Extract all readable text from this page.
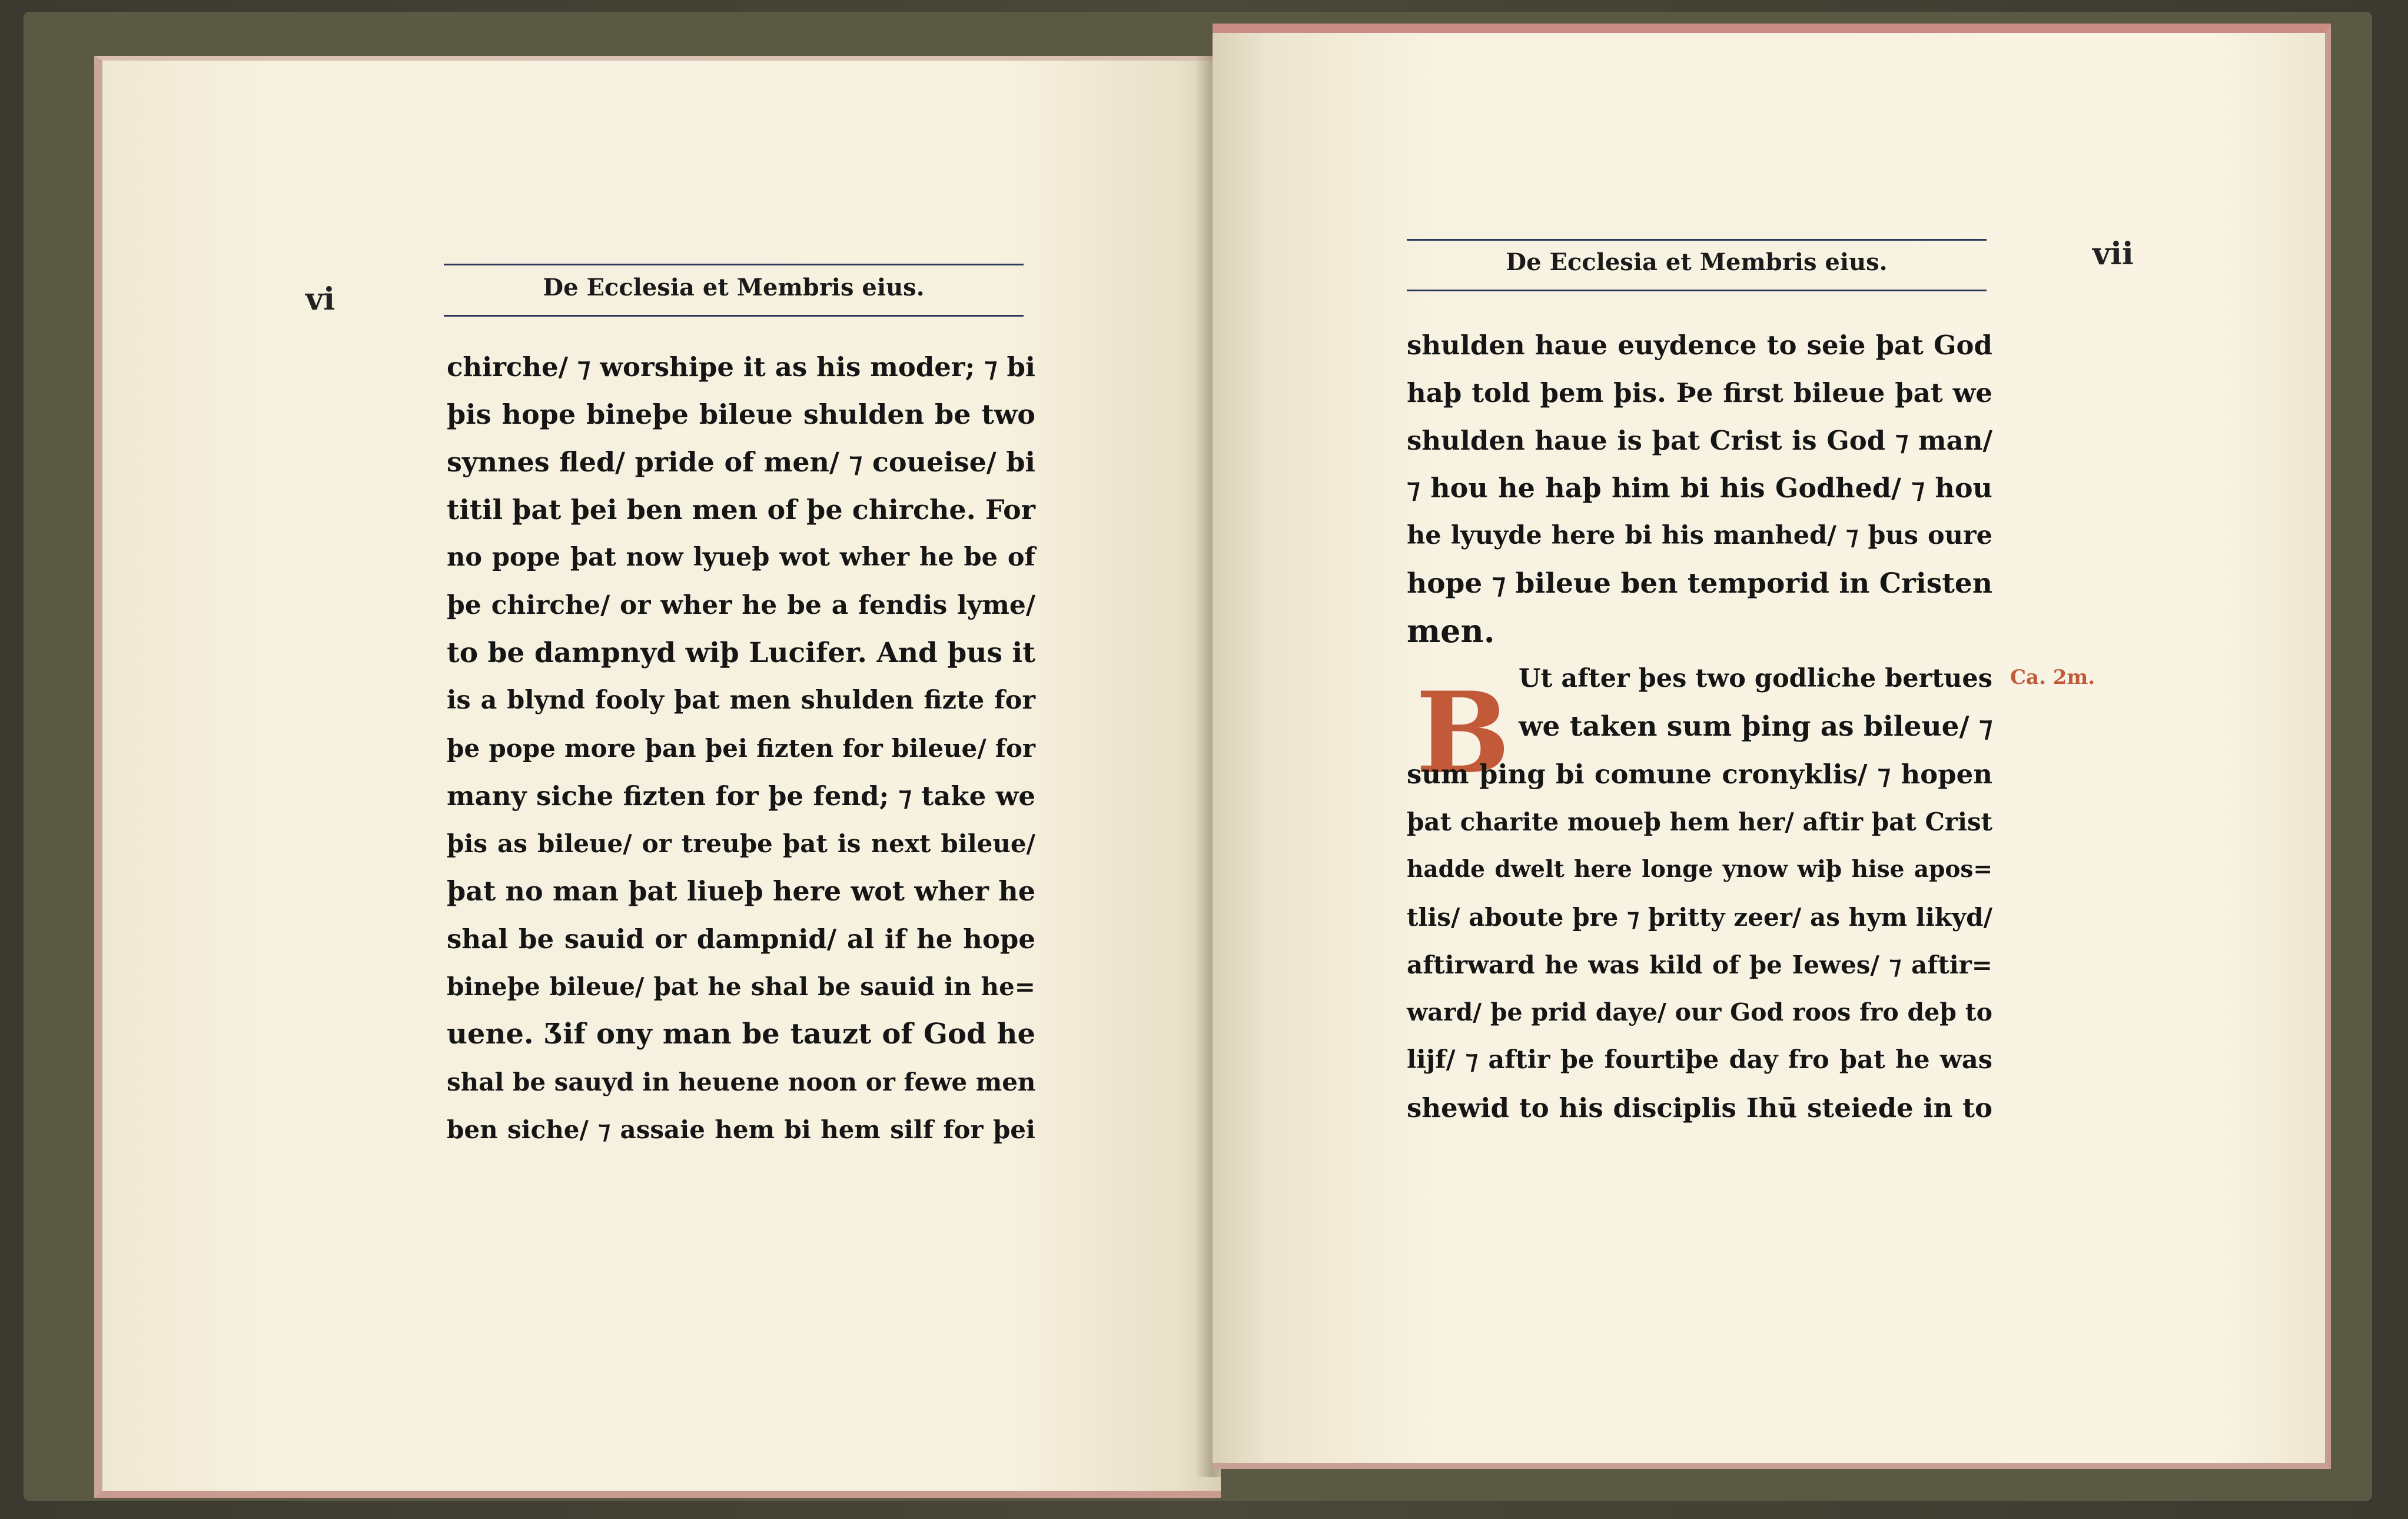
vi	De Ecclesia et Membris eius.
chirche/ ⁊ worshipe it as his moder; ⁊ bi
þis hope bineþe bileue shulden be two
synnes fled/ pride of men/ ⁊ coueise/ bi
titil þat þei ben men of þe chirche. For
no pope þat now lyueþ wot wher he be of
þe chirche/ or wher he be a fendis lyme/
to be dampnyd wiþ Lucifer. And þus it
is a blynd fooly þat men shulden fizte for
þe pope more þan þei fizten for bileue/ for
many siche fizten for þe fend; ⁊ take we
þis as bileue/ or treuþe þat is next bileue/
þat no man þat liueþ here wot wher he
shal be sauid or dampnid/ al if he hope
bineþe bileue/ þat he shal be sauid in he=
uene. Ʒif ony man be tauzt of God he
shal be sauyd in heuene noon or fewe men
ben siche/ ⁊ assaie hem bi hem silf for þei
De Ecclesia et Membris eius.	vii
shulden haue euydence to seie þat God
haþ told þem þis. Þe first bileue þat we
shulden haue is þat Crist is God ⁊ man/
⁊ hou he haþ him bi his Godhed/ ⁊ hou
he lyuyde here bi his manhed/ ⁊ þus oure
hope ⁊ bileue ben temporid in Cristen
men.
B Ut after þes two godliche bertues
we taken sum þing as bileue/ ⁊
Ca. 2m.
sum þing bi comune cronyklis/ ⁊ hopen
þat charite moueþ hem her/ aftir þat Crist
hadde dwelt here longe ynow wiþ hise apos=
tlis/ aboute þre ⁊ þritty zeer/ as hym likyd/
aftirward he was kild of þe Iewes/ ⁊ aftir=
ward/ þe prid daye/ our God roos fro deþ to
lijf/ ⁊ aftir þe fourtiþe day fro þat he was
shewid to his disciplis Ihū steiede in to
